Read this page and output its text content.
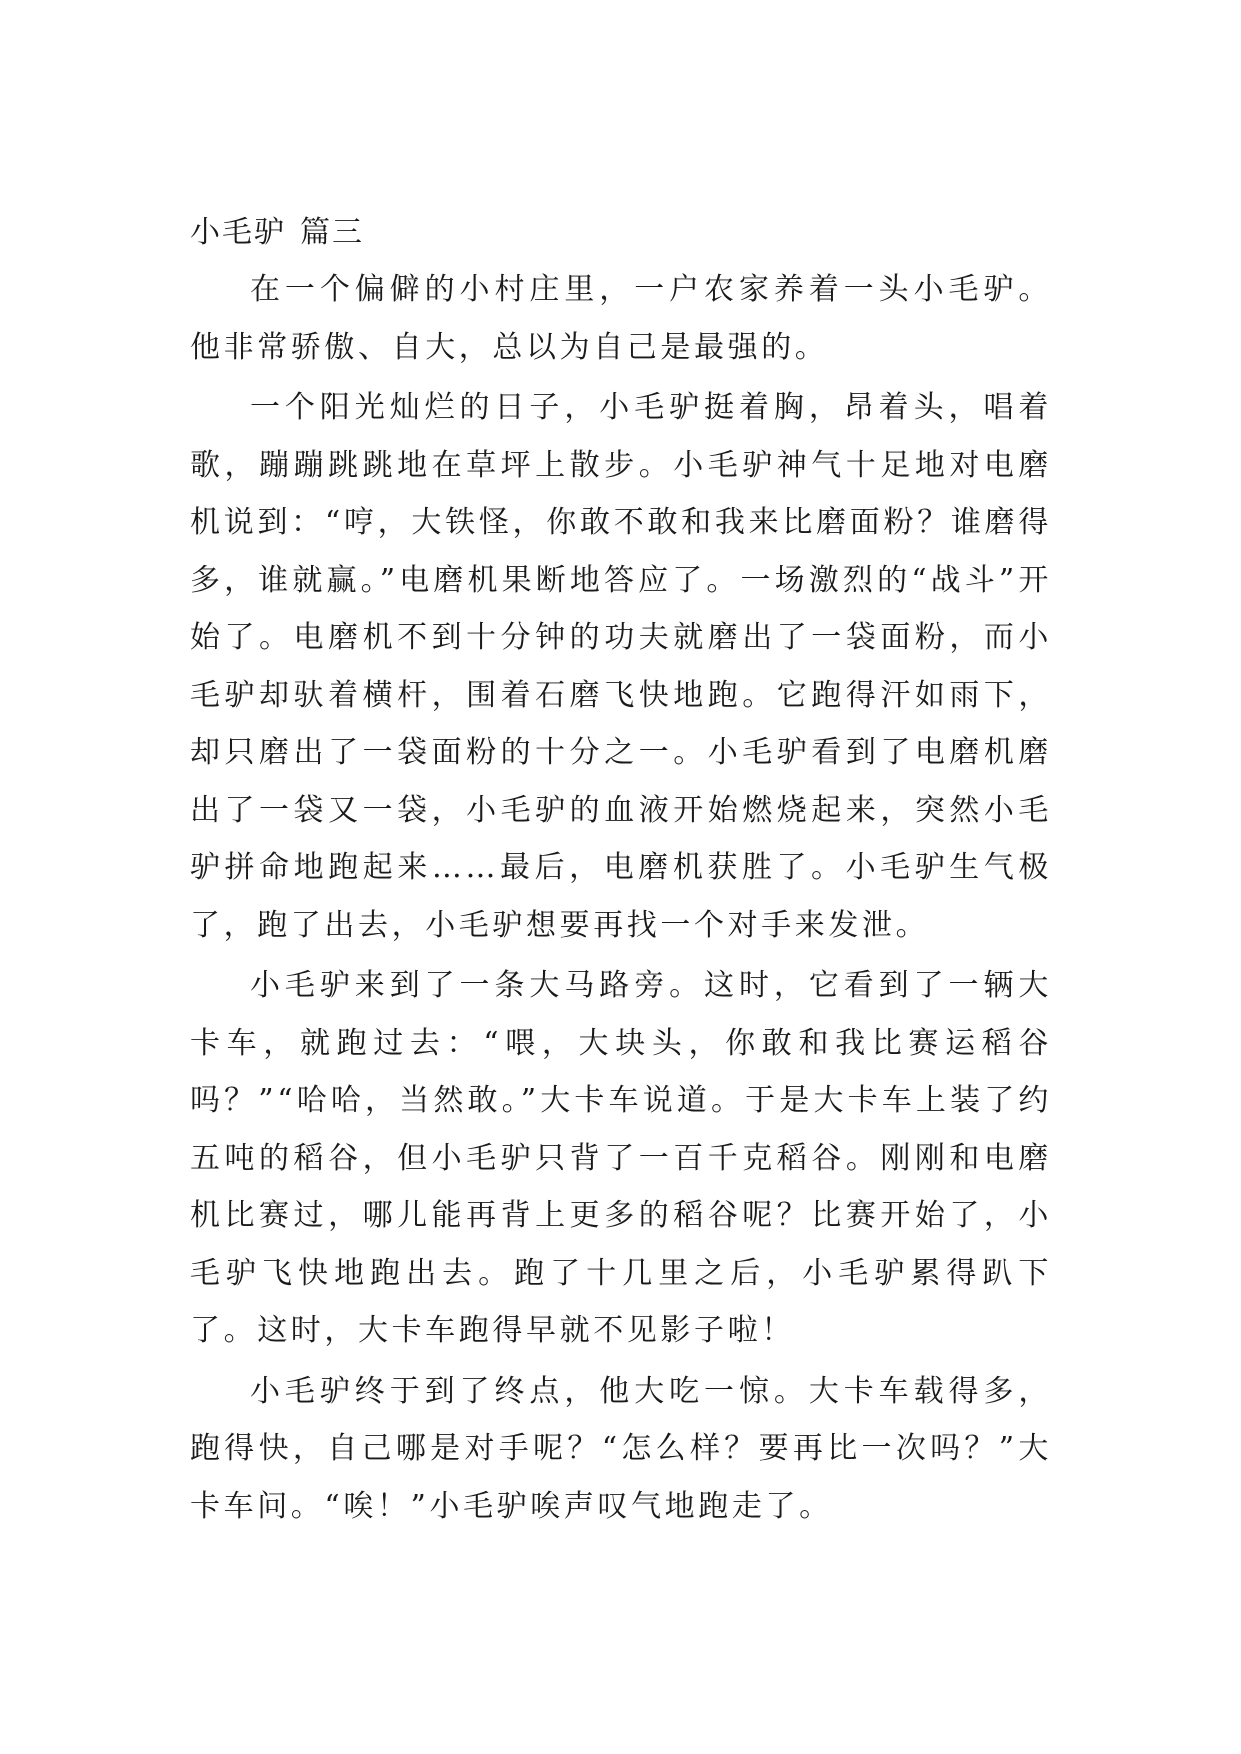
小毛驴 篇三

在一个偏僻的小村庄里，一户农家养着一头小毛驴。他非常骄傲、自大，总以为自己是最强的。

一个阳光灿烂的日子，小毛驴挺着胸，昂着头，唱着歌，蹦蹦跳跳地在草坪上散步。小毛驴神气十足地对电磨机说到：“哼，大铁怪，你敢不敢和我来比磨面粉？谁磨得多，谁就赢。”电磨机果断地答应了。一场激烈的“战斗”开始了。电磨机不到十分钟的功夫就磨出了一袋面粉，而小毛驴却驮着横杆，围着石磨飞快地跑。它跑得汗如雨下，却只磨出了一袋面粉的十分之一。小毛驴看到了电磨机磨出了一袋又一袋，小毛驴的血液开始燃烧起来，突然小毛驴拼命地跑起来……最后，电磨机获胜了。小毛驴生气极了，跑了出去，小毛驴想要再找一个对手来发泄。

小毛驴来到了一条大马路旁。这时，它看到了一辆大卡车，就跑过去：“喂，大块头，你敢和我比赛运稻谷吗？”“哈哈，当然敢。”大卡车说道。于是大卡车上装了约五吨的稻谷，但小毛驴只背了一百千克稻谷。刚刚和电磨机比赛过，哪儿能再背上更多的稻谷呢？比赛开始了，小毛驴飞快地跑出去。跑了十几里之后，小毛驴累得趴下了。这时，大卡车跑得早就不见影子啦！

小毛驴终于到了终点，他大吃一惊。大卡车载得多，跑得快，自己哪是对手呢？“怎么样？要再比一次吗？”大卡车问。“唉！”小毛驴唉声叹气地跑走了。
